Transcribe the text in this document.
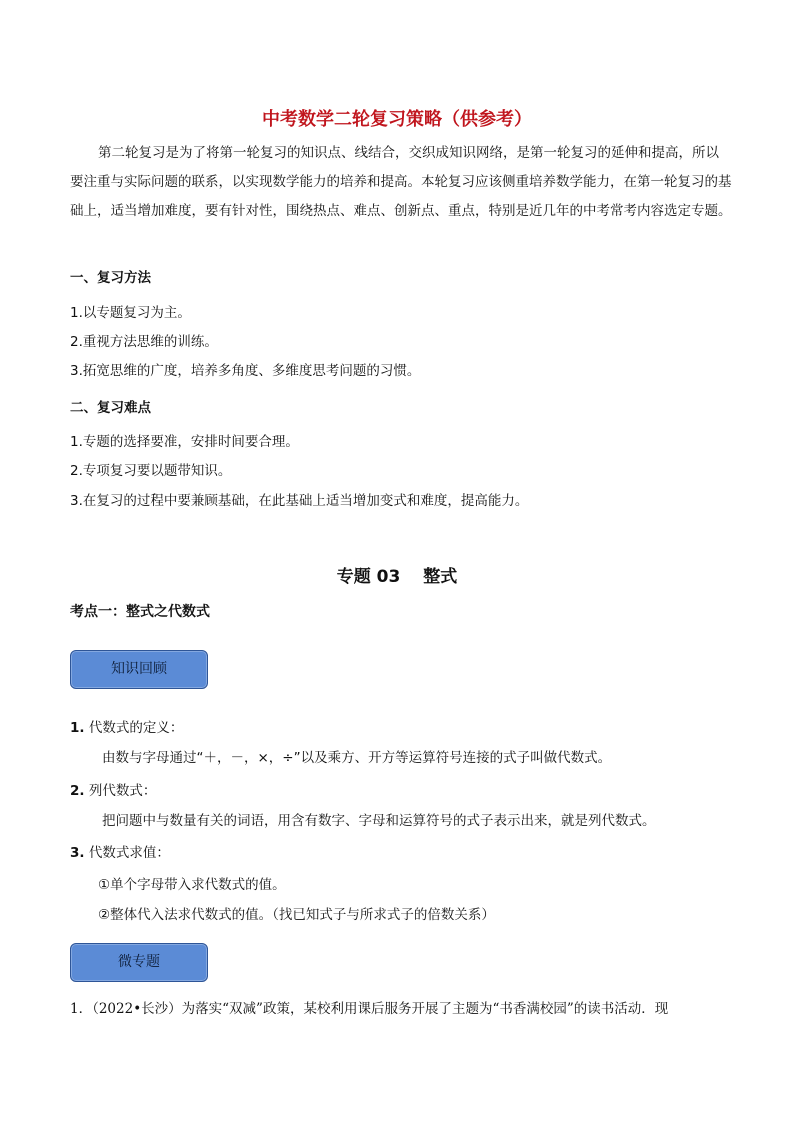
中考数学二轮复习策略（供参考）
第二轮复习是为了将第一轮复习的知识点、线结合，交织成知识网络，是第一轮复习的延伸和提高，所以要注重与实际问题的联系，以实现数学能力的培养和提高。本轮复习应该侧重培养数学能力，在第一轮复习的基础上，适当增加难度，要有针对性，围绕热点、难点、创新点、重点，特别是近几年的中考常考内容选定专题。
一、复习方法
1.以专题复习为主。
2.重视方法思维的训练。
3.拓宽思维的广度，培养多角度、多维度思考问题的习惯。
二、复习难点
1.专题的选择要准，安排时间要合理。
2.专项复习要以题带知识。
3.在复习的过程中要兼顾基础，在此基础上适当增加变式和难度，提高能力。
专题 03　 整式
考点一：整式之代数式
知识回顾
1. 代数式的定义：
由数与字母通过“＋，－，×，÷”以及乘方、开方等运算符号连接的式子叫做代数式。
2. 列代数式：
把问题中与数量有关的词语，用含有数字、字母和运算符号的式子表示出来，就是列代数式。
3. 代数式求值：
①单个字母带入求代数式的值。
②整体代入法求代数式的值。（找已知式子与所求式子的倍数关系）
微专题
1．（2022•长沙）为落实“双减”政策，某校利用课后服务开展了主题为“书香满校园”的读书活动．现
